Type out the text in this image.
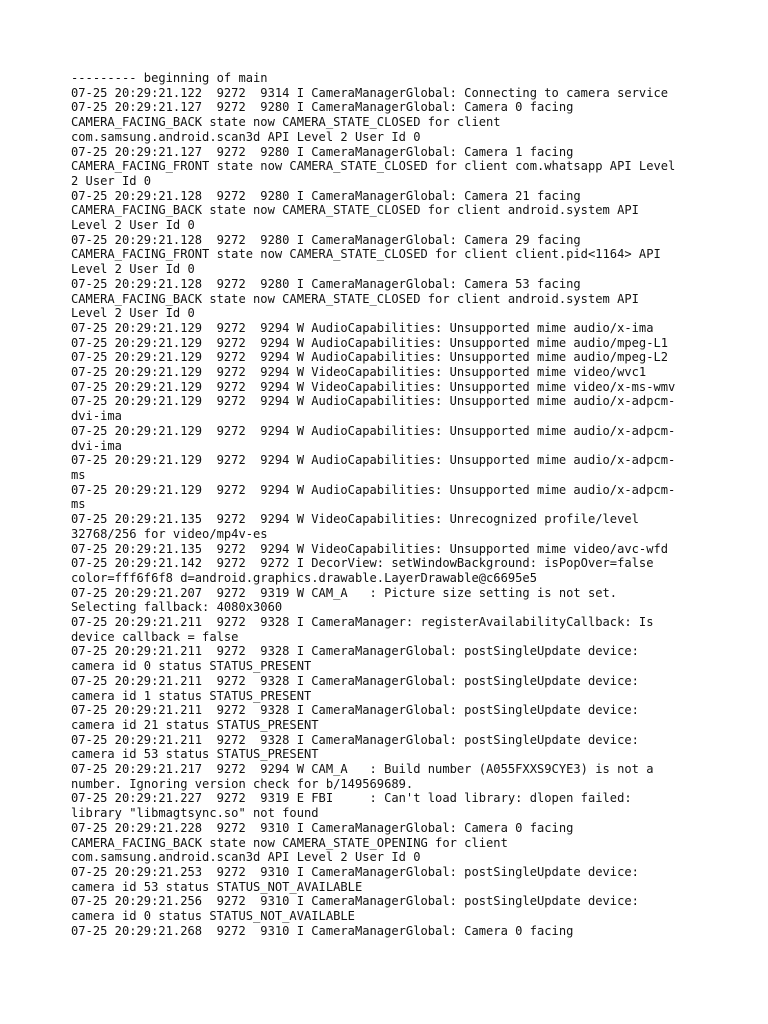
--------- beginning of main
07-25 20:29:21.122  9272  9314 I CameraManagerGlobal: Connecting to camera service
07-25 20:29:21.127  9272  9280 I CameraManagerGlobal: Camera 0 facing
CAMERA_FACING_BACK state now CAMERA_STATE_CLOSED for client
com.samsung.android.scan3d API Level 2 User Id 0
07-25 20:29:21.127  9272  9280 I CameraManagerGlobal: Camera 1 facing
CAMERA_FACING_FRONT state now CAMERA_STATE_CLOSED for client com.whatsapp API Level
2 User Id 0
07-25 20:29:21.128  9272  9280 I CameraManagerGlobal: Camera 21 facing
CAMERA_FACING_BACK state now CAMERA_STATE_CLOSED for client android.system API
Level 2 User Id 0
07-25 20:29:21.128  9272  9280 I CameraManagerGlobal: Camera 29 facing
CAMERA_FACING_FRONT state now CAMERA_STATE_CLOSED for client client.pid<1164> API
Level 2 User Id 0
07-25 20:29:21.128  9272  9280 I CameraManagerGlobal: Camera 53 facing
CAMERA_FACING_BACK state now CAMERA_STATE_CLOSED for client android.system API
Level 2 User Id 0
07-25 20:29:21.129  9272  9294 W AudioCapabilities: Unsupported mime audio/x-ima
07-25 20:29:21.129  9272  9294 W AudioCapabilities: Unsupported mime audio/mpeg-L1
07-25 20:29:21.129  9272  9294 W AudioCapabilities: Unsupported mime audio/mpeg-L2
07-25 20:29:21.129  9272  9294 W VideoCapabilities: Unsupported mime video/wvc1
07-25 20:29:21.129  9272  9294 W VideoCapabilities: Unsupported mime video/x-ms-wmv
07-25 20:29:21.129  9272  9294 W AudioCapabilities: Unsupported mime audio/x-adpcm-
dvi-ima
07-25 20:29:21.129  9272  9294 W AudioCapabilities: Unsupported mime audio/x-adpcm-
dvi-ima
07-25 20:29:21.129  9272  9294 W AudioCapabilities: Unsupported mime audio/x-adpcm-
ms
07-25 20:29:21.129  9272  9294 W AudioCapabilities: Unsupported mime audio/x-adpcm-
ms
07-25 20:29:21.135  9272  9294 W VideoCapabilities: Unrecognized profile/level
32768/256 for video/mp4v-es
07-25 20:29:21.135  9272  9294 W VideoCapabilities: Unsupported mime video/avc-wfd
07-25 20:29:21.142  9272  9272 I DecorView: setWindowBackground: isPopOver=false
color=fff6f6f8 d=android.graphics.drawable.LayerDrawable@c6695e5
07-25 20:29:21.207  9272  9319 W CAM_A   : Picture size setting is not set.
Selecting fallback: 4080x3060
07-25 20:29:21.211  9272  9328 I CameraManager: registerAvailabilityCallback: Is
device callback = false
07-25 20:29:21.211  9272  9328 I CameraManagerGlobal: postSingleUpdate device:
camera id 0 status STATUS_PRESENT
07-25 20:29:21.211  9272  9328 I CameraManagerGlobal: postSingleUpdate device:
camera id 1 status STATUS_PRESENT
07-25 20:29:21.211  9272  9328 I CameraManagerGlobal: postSingleUpdate device:
camera id 21 status STATUS_PRESENT
07-25 20:29:21.211  9272  9328 I CameraManagerGlobal: postSingleUpdate device:
camera id 53 status STATUS_PRESENT
07-25 20:29:21.217  9272  9294 W CAM_A   : Build number (A055FXXS9CYE3) is not a
number. Ignoring version check for b/149569689.
07-25 20:29:21.227  9272  9319 E FBI     : Can't load library: dlopen failed:
library "libmagtsync.so" not found
07-25 20:29:21.228  9272  9310 I CameraManagerGlobal: Camera 0 facing
CAMERA_FACING_BACK state now CAMERA_STATE_OPENING for client
com.samsung.android.scan3d API Level 2 User Id 0
07-25 20:29:21.253  9272  9310 I CameraManagerGlobal: postSingleUpdate device:
camera id 53 status STATUS_NOT_AVAILABLE
07-25 20:29:21.256  9272  9310 I CameraManagerGlobal: postSingleUpdate device:
camera id 0 status STATUS_NOT_AVAILABLE
07-25 20:29:21.268  9272  9310 I CameraManagerGlobal: Camera 0 facing
